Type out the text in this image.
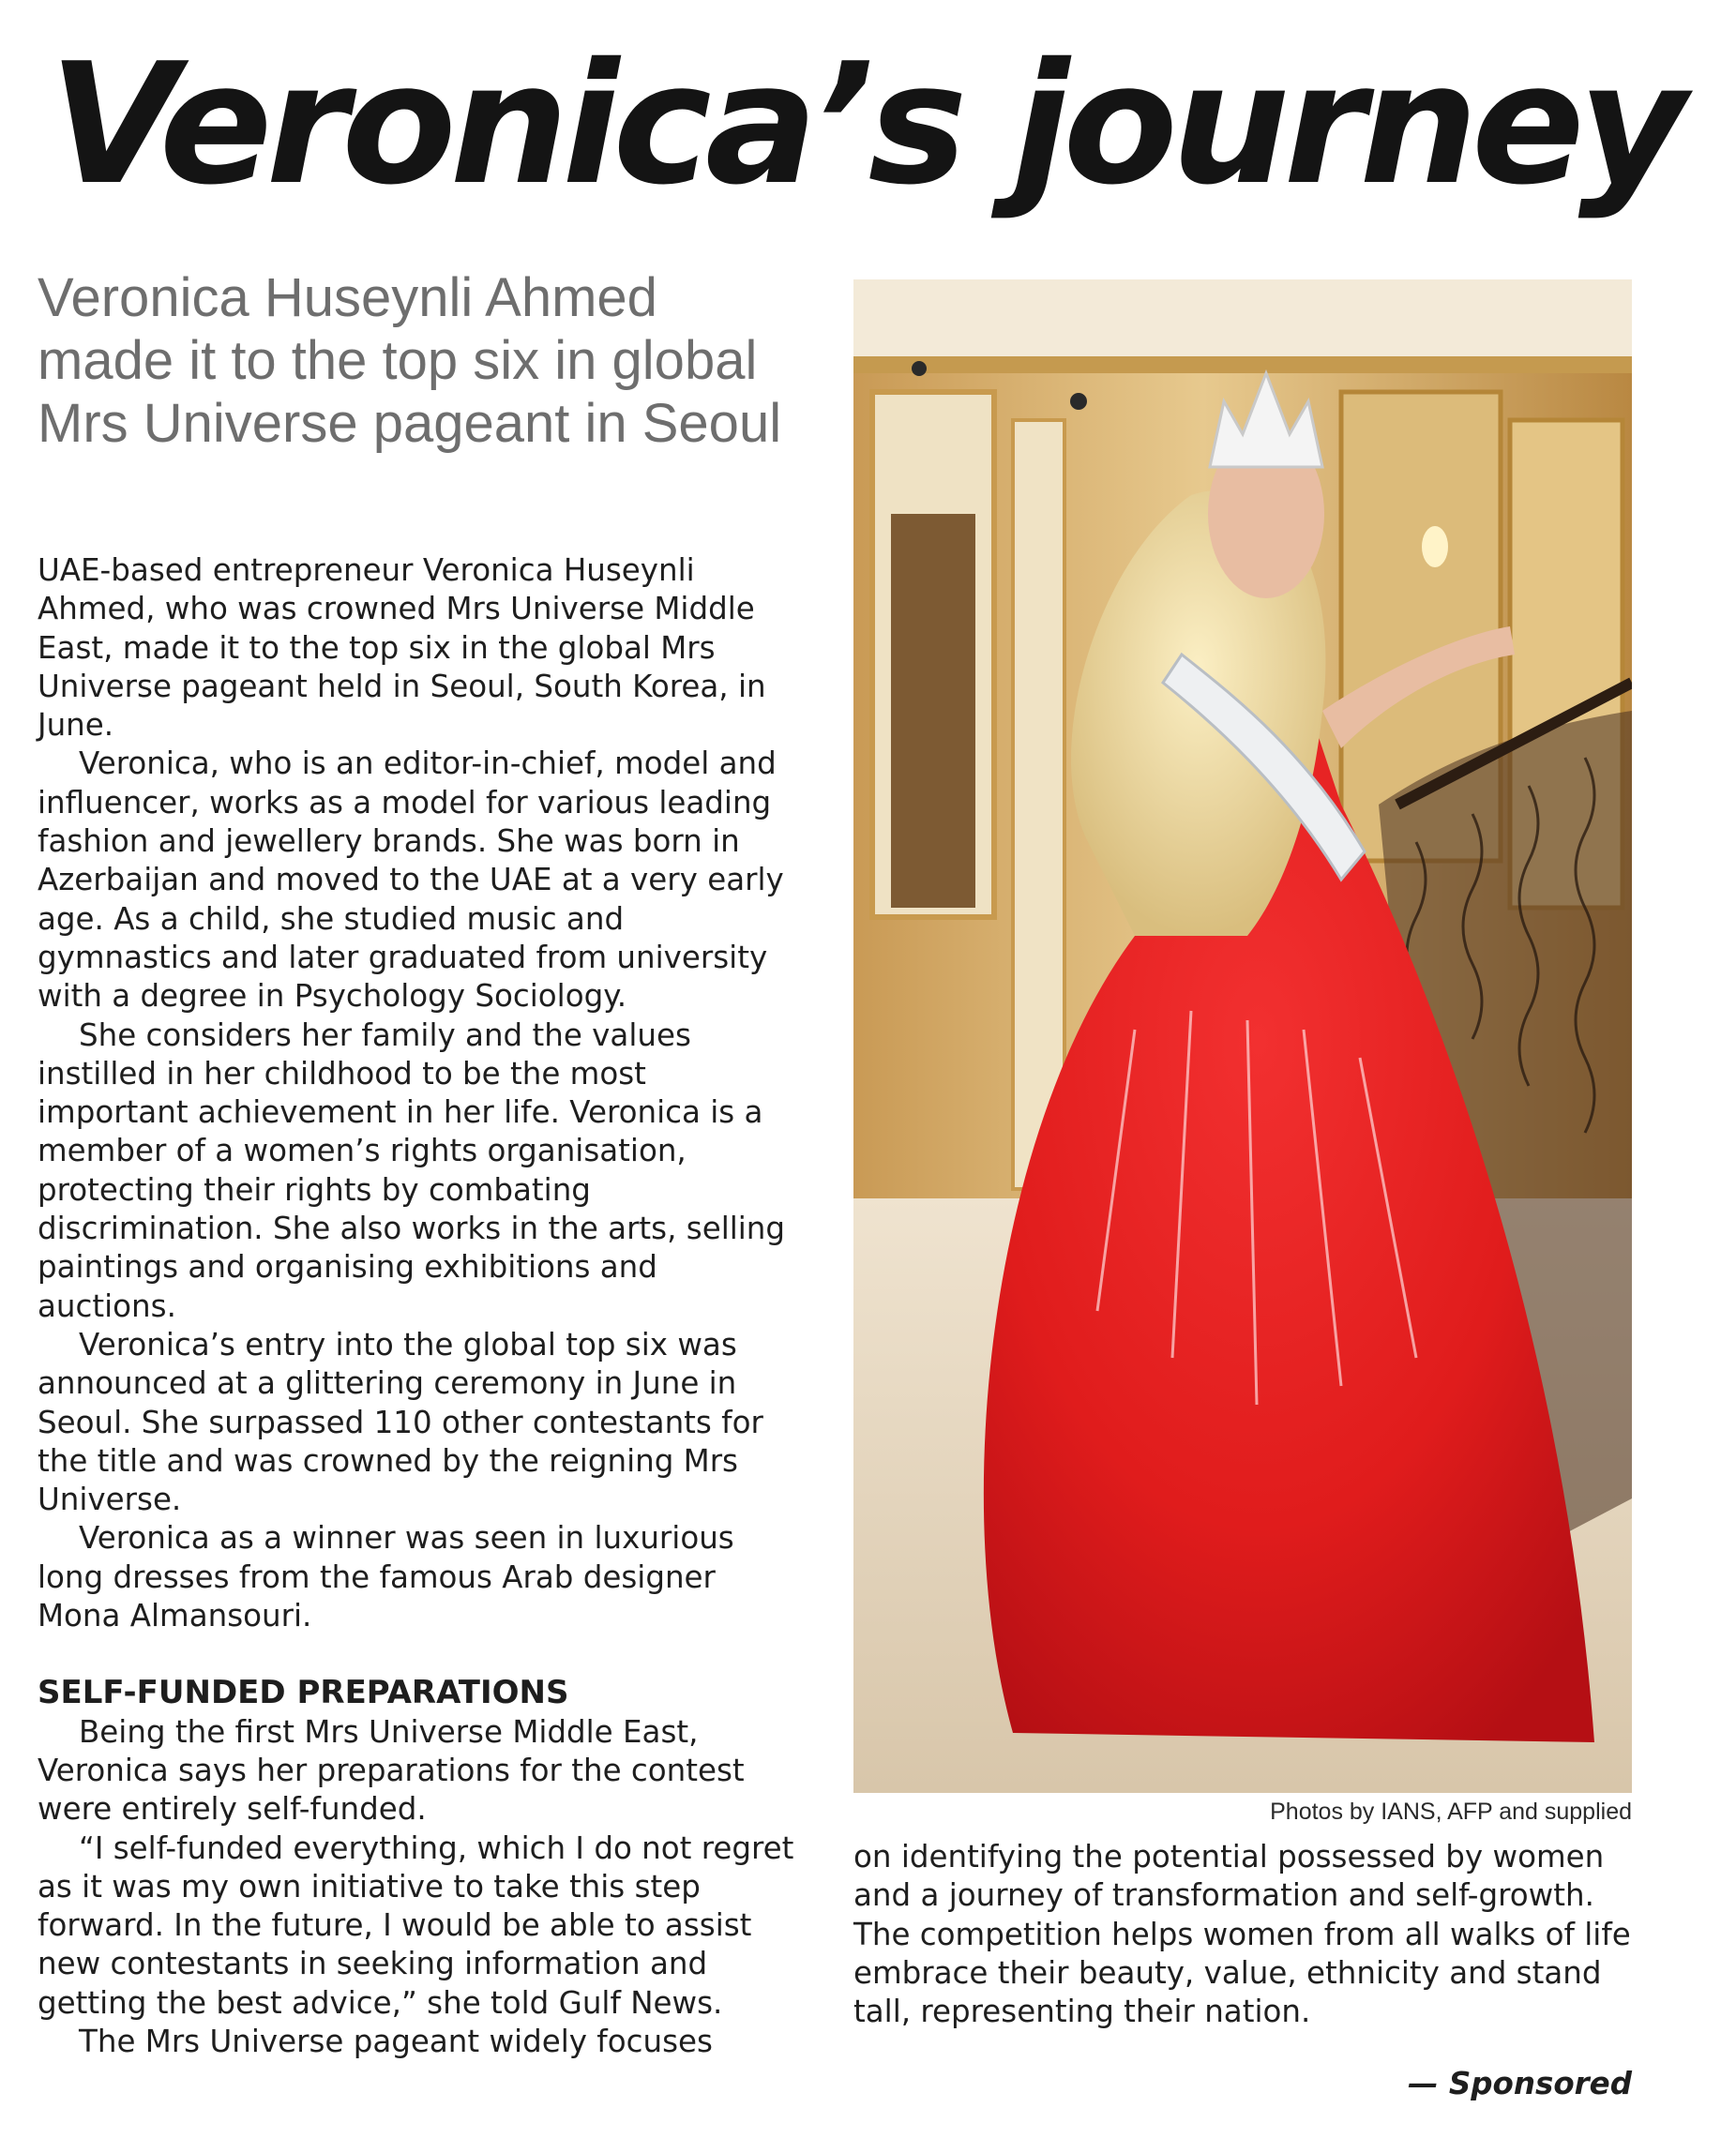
Veronica’s journey
Veronica Huseynli Ahmed made it to the top six in global Mrs Universe pageant in Seoul

UAE-based entrepreneur Veronica Huseynli Ahmed, who was crowned Mrs Universe Middle East, made it to the top six in the global Mrs Universe pageant held in Seoul, South Korea, in June.

Veronica, who is an editor-in-chief, model and influencer, works as a model for various leading fashion and jewellery brands. She was born in Azerbaijan and moved to the UAE at a very early age. As a child, she studied music and gymnastics and later graduated from university with a degree in Psychology Sociology.

She considers her family and the values instilled in her childhood to be the most important achievement in her life. Veronica is a member of a women’s rights organisation, protecting their rights by combating discrimination. She also works in the arts, selling paintings and organising exhibitions and auctions.

Veronica’s entry into the global top six was announced at a glittering ceremony in June in Seoul. She surpassed 110 other contestants for the title and was crowned by the reigning Mrs Universe.

Veronica as a winner was seen in luxurious long dresses from the famous Arab designer Mona Almansouri.

SELF-FUNDED PREPARATIONS

Being the first Mrs Universe Middle East, Veronica says her preparations for the contest were entirely self-funded.

“I self-funded everything, which I do not regret as it was my own initiative to take this step forward. In the future, I would be able to assist new contestants in seeking information and getting the best advice,” she told Gulf News.

The Mrs Universe pageant widely focuses

Photos by IANS, AFP and supplied

on identifying the potential possessed by women and a journey of transformation and self-growth. The competition helps women from all walks of life embrace their beauty, value, ethnicity and stand tall, representing their nation.

— Sponsored
